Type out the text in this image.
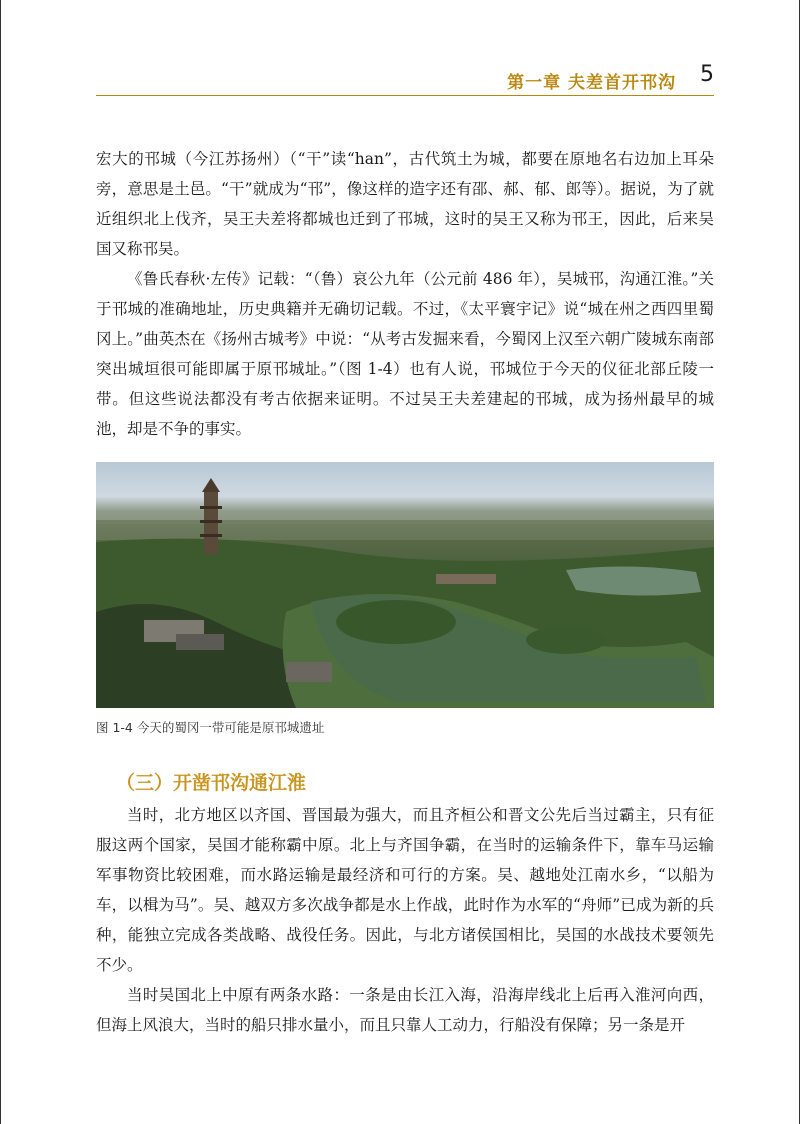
第一章 夫差首开邗沟 5

宏大的邗城（今江苏扬州）（“干”读“han”，古代筑土为城，都要在原地名右边加上耳朵旁，意思是土邑。“干”就成为“邗”，像这样的造字还有邵、郝、郁、郎等）。据说，为了就近组织北上伐齐，吴王夫差将都城也迁到了邗城，这时的吴王又称为邗王，因此，后来吴国又称邗吴。

《鲁氏春秋·左传》记载：“（鲁）哀公九年（公元前 486 年），吴城邗，沟通江淮。”关于邗城的准确地址，历史典籍并无确切记载。不过，《太平寰宇记》说“城在州之西四里蜀冈上。”曲英杰在《扬州古城考》中说：“从考古发掘来看，今蜀冈上汉至六朝广陵城东南部突出城垣很可能即属于原邗城址。”（图 1-4）也有人说，邗城位于今天的仪征北部丘陵一带。但这些说法都没有考古依据来证明。不过吴王夫差建起的邗城，成为扬州最早的城池，却是不争的事实。

图 1-4 今天的蜀冈一带可能是原邗城遗址
（三）开凿邗沟通江淮

当时，北方地区以齐国、晋国最为强大，而且齐桓公和晋文公先后当过霸主，只有征服这两个国家，吴国才能称霸中原。北上与齐国争霸，在当时的运输条件下，靠车马运输军事物资比较困难，而水路运输是最经济和可行的方案。吴、越地处江南水乡，“以船为车，以楫为马”。吴、越双方多次战争都是水上作战，此时作为水军的“舟师”已成为新的兵种，能独立完成各类战略、战役任务。因此，与北方诸侯国相比，吴国的水战技术要领先不少。

当时吴国北上中原有两条水路：一条是由长江入海，沿海岸线北上后再入淮河向西，但海上风浪大，当时的船只排水量小，而且只靠人工动力，行船没有保障；另一条是开
